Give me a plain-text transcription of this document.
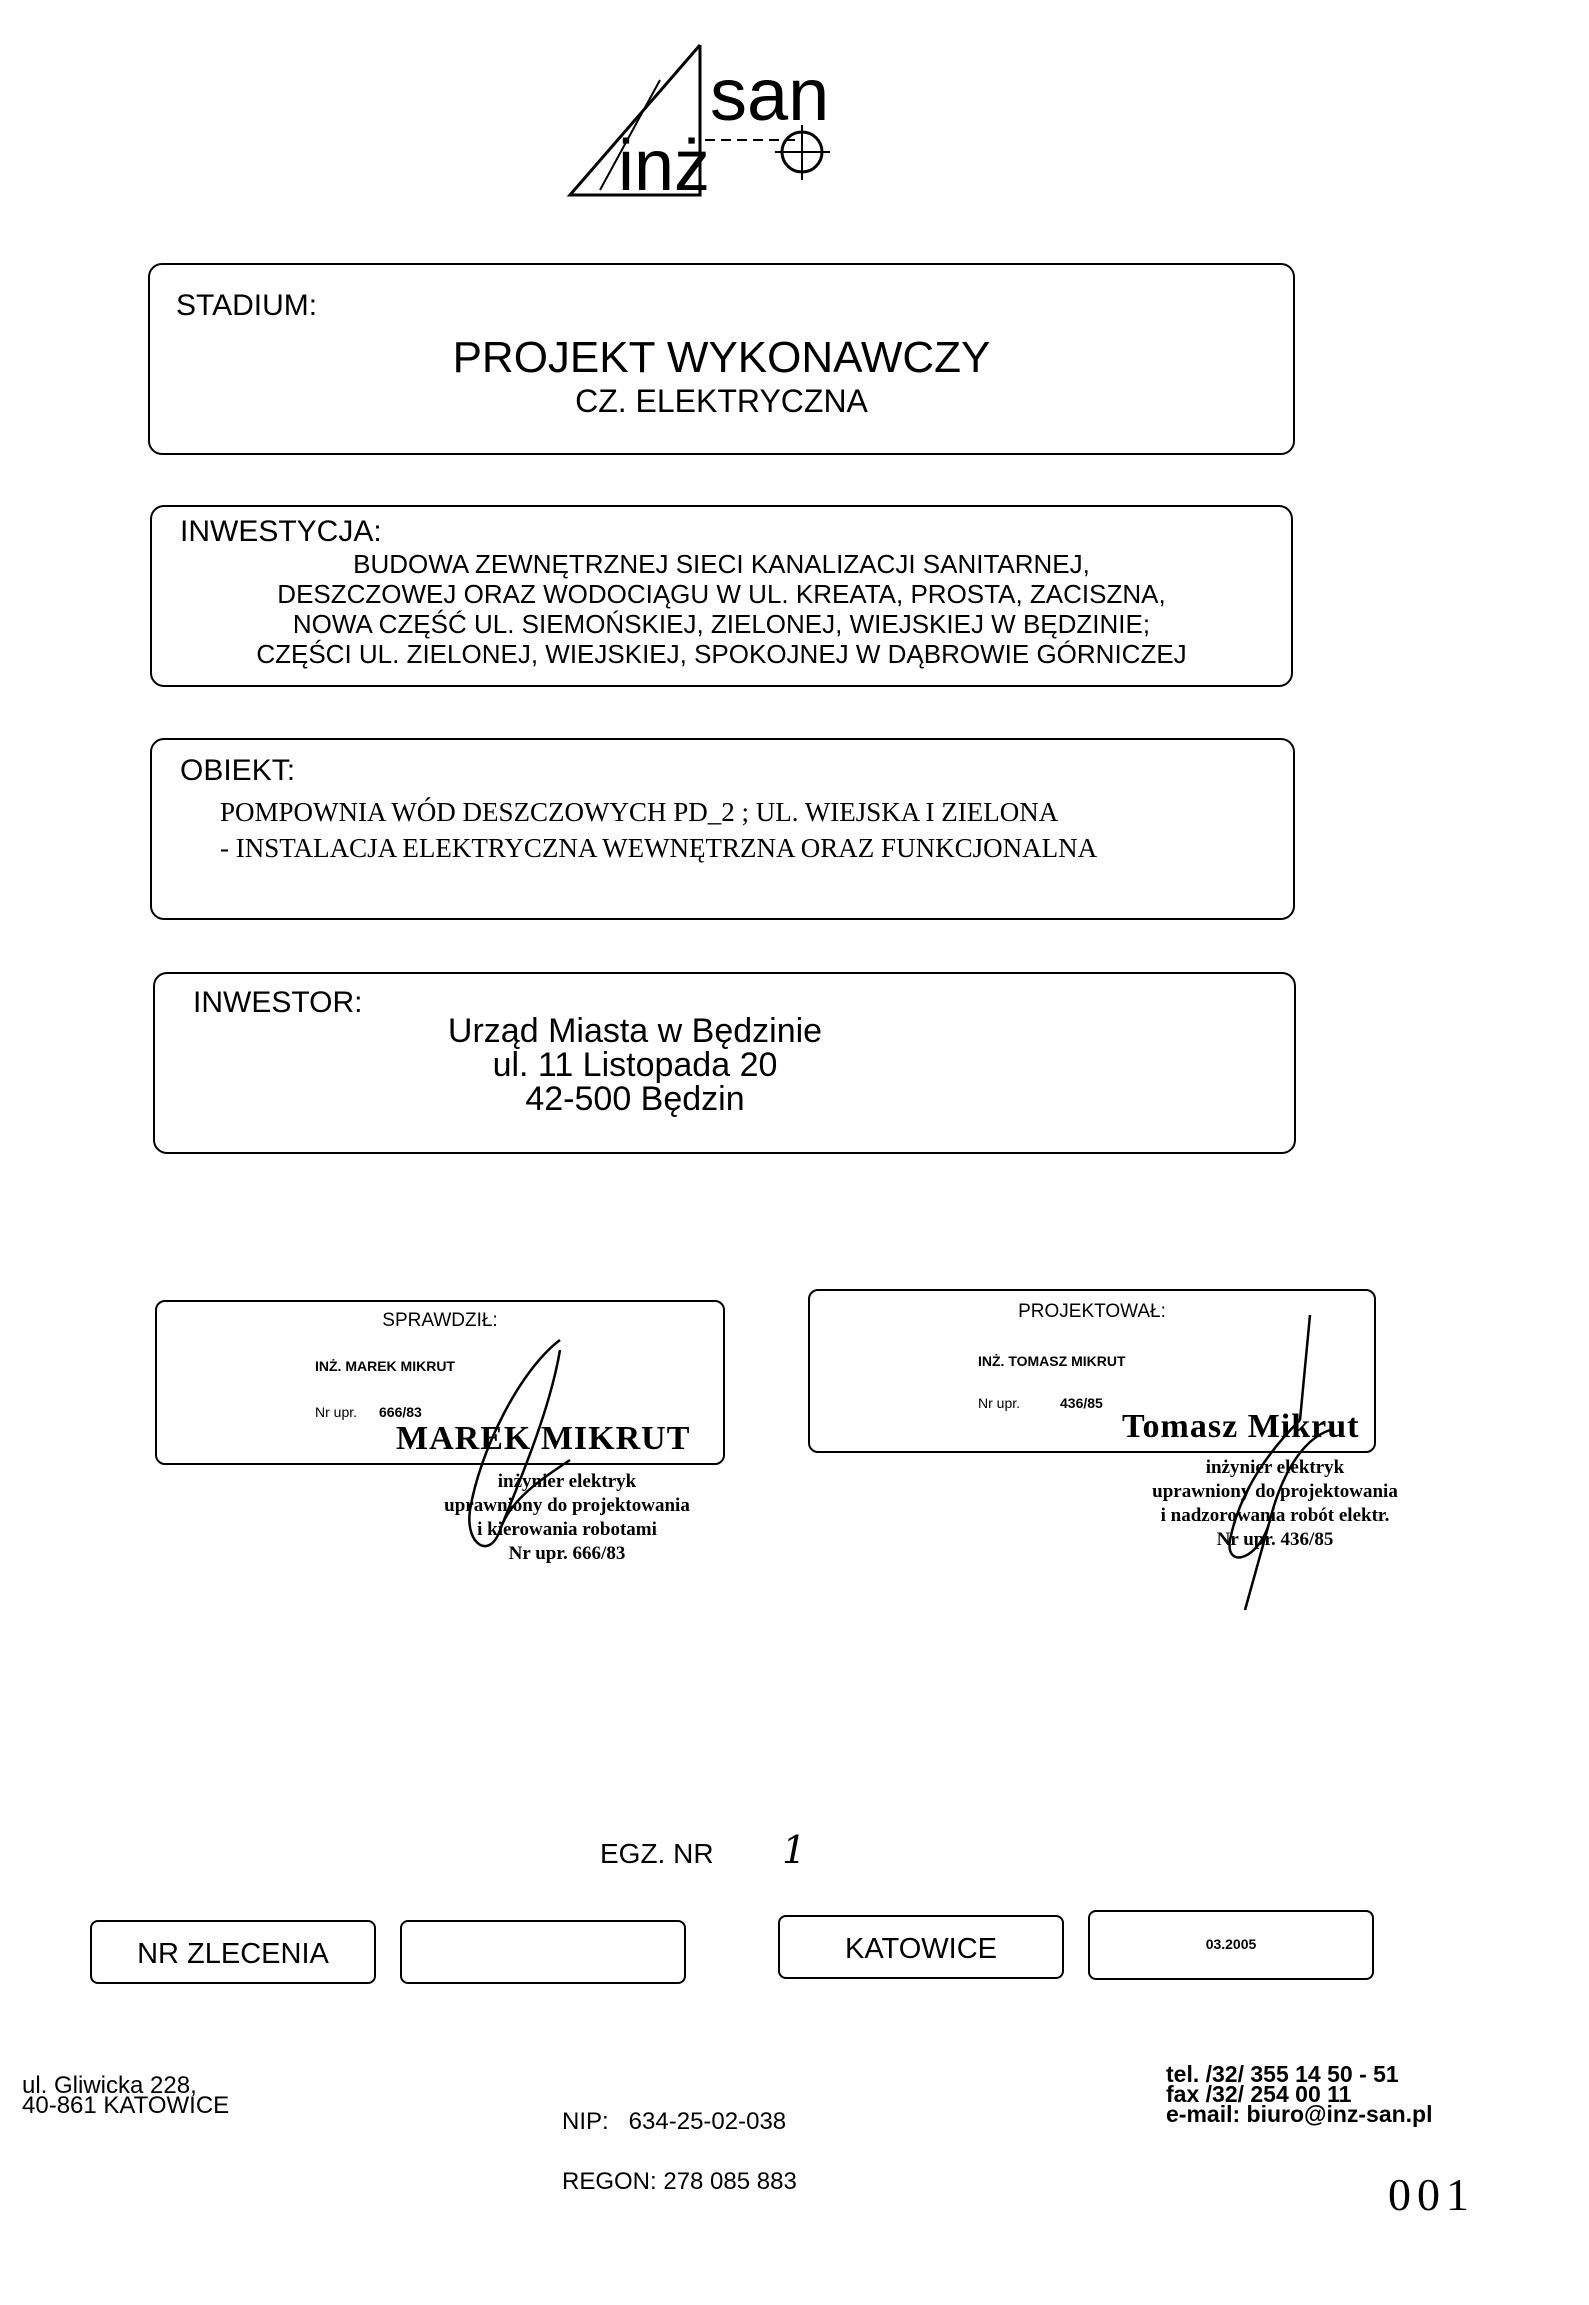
san
inż
STADIUM:
PROJEKT WYKONAWCZY
CZ. ELEKTRYCZNA
INWESTYCJA:
BUDOWA ZEWNĘTRZNEJ SIECI KANALIZACJI SANITARNEJ,
DESZCZOWEJ ORAZ WODOCIĄGU W UL. KREATA, PROSTA, ZACISZNA,
NOWA CZĘŚĆ UL. SIEMOŃSKIEJ, ZIELONEJ, WIEJSKIEJ W BĘDZINIE;
CZĘŚCI UL. ZIELONEJ, WIEJSKIEJ, SPOKOJNEJ W DĄBROWIE GÓRNICZEJ
OBIEKT:
POMPOWNIA WÓD DESZCZOWYCH PD_2 ; UL. WIEJSKA I ZIELONA
- INSTALACJA ELEKTRYCZNA WEWNĘTRZNA ORAZ FUNKCJONALNA
INWESTOR:
Urząd Miasta w Będzinie
ul. 11 Listopada 20
42-500 Będzin
SPRAWDZIŁ:
INŻ. MAREK MIKRUT
Nr upr. 666/83
MAREK MIKRUT
inżynier elektryk
uprawniony do projektowania
i kierowania robotami
Nr upr. 666/83
PROJEKTOWAŁ:
INŻ. TOMASZ MIKRUT
Nr upr.	436/85
Tomasz Mikrut
inżynier elektryk
uprawniony do projektowania
i nadzorowania robót elektr.
Nr upr. 436/85
EGZ. NR 1
NR ZLECENIA	KATOWICE	03.2005
ul. Gliwicka 228,
40-861 KATOWICE

NIP:   634-25-02-038

REGON: 278 085 883

tel. /32/ 355 14 50 - 51
fax /32/ 254 00 11
e-mail: biuro@inz-san.pl
001
